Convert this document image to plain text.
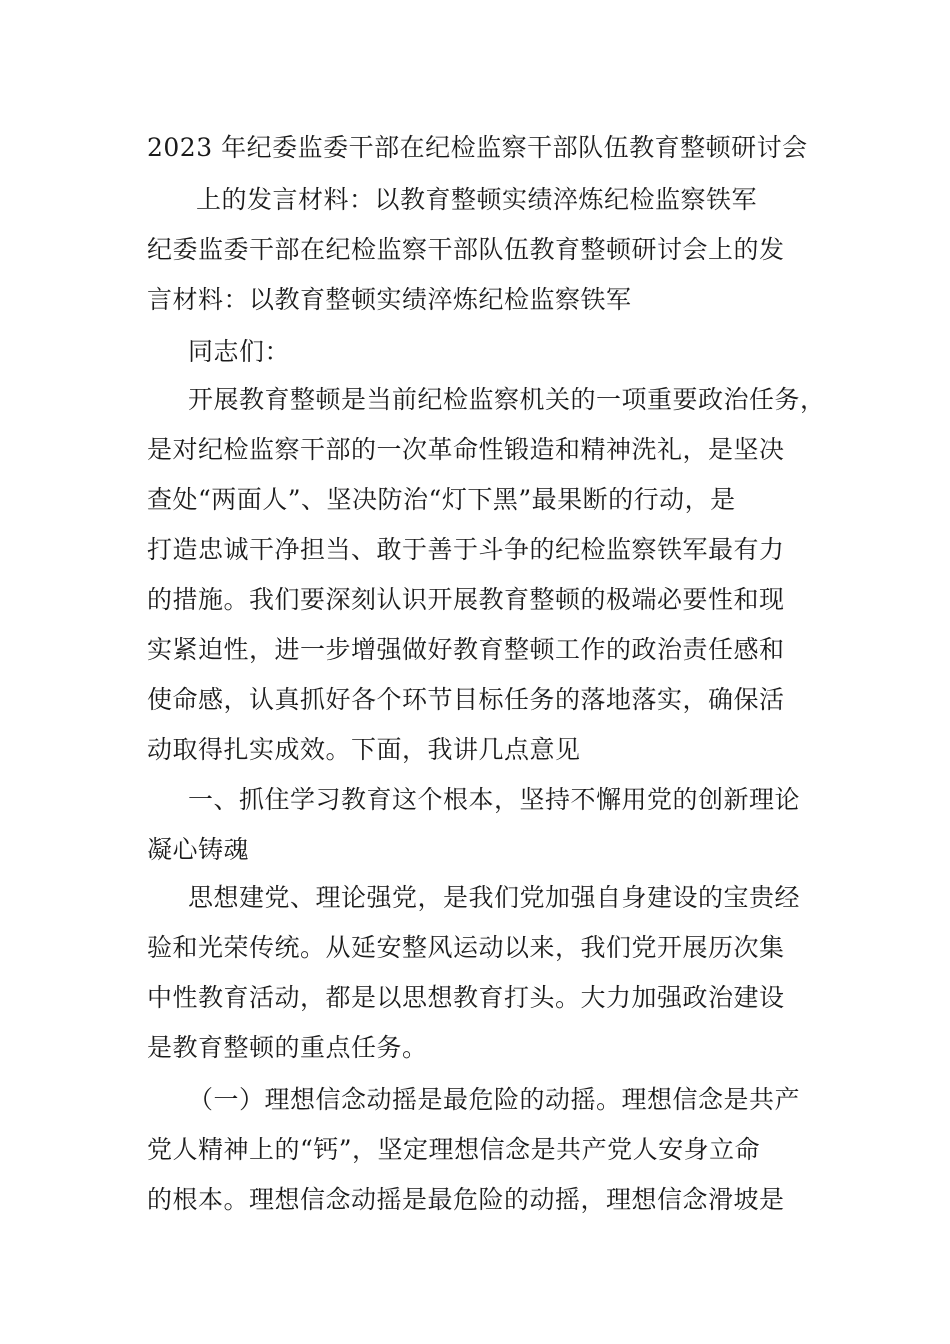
2023 年纪委监委干部在纪检监察干部队伍教育整顿研讨会
上的发言材料：以教育整顿实绩淬炼纪检监察铁军
纪委监委干部在纪检监察干部队伍教育整顿研讨会上的发
言材料：以教育整顿实绩淬炼纪检监察铁军
同志们：
开展教育整顿是当前纪检监察机关的一项重要政治任务，
是对纪检监察干部的一次革命性锻造和精神洗礼，是坚决
查处“两面人”、坚决防治“灯下黑”最果断的行动，是
打造忠诚干净担当、敢于善于斗争的纪检监察铁军最有力
的措施。我们要深刻认识开展教育整顿的极端必要性和现
实紧迫性，进一步增强做好教育整顿工作的政治责任感和
使命感，认真抓好各个环节目标任务的落地落实，确保活
动取得扎实成效。下面，我讲几点意见
一、抓住学习教育这个根本，坚持不懈用党的创新理论
凝心铸魂
思想建党、理论强党，是我们党加强自身建设的宝贵经
验和光荣传统。从延安整风运动以来，我们党开展历次集
中性教育活动，都是以思想教育打头。大力加强政治建设
是教育整顿的重点任务。
（一）理想信念动摇是最危险的动摇。理想信念是共产
党人精神上的“钙”，坚定理想信念是共产党人安身立命
的根本。理想信念动摇是最危险的动摇，理想信念滑坡是
